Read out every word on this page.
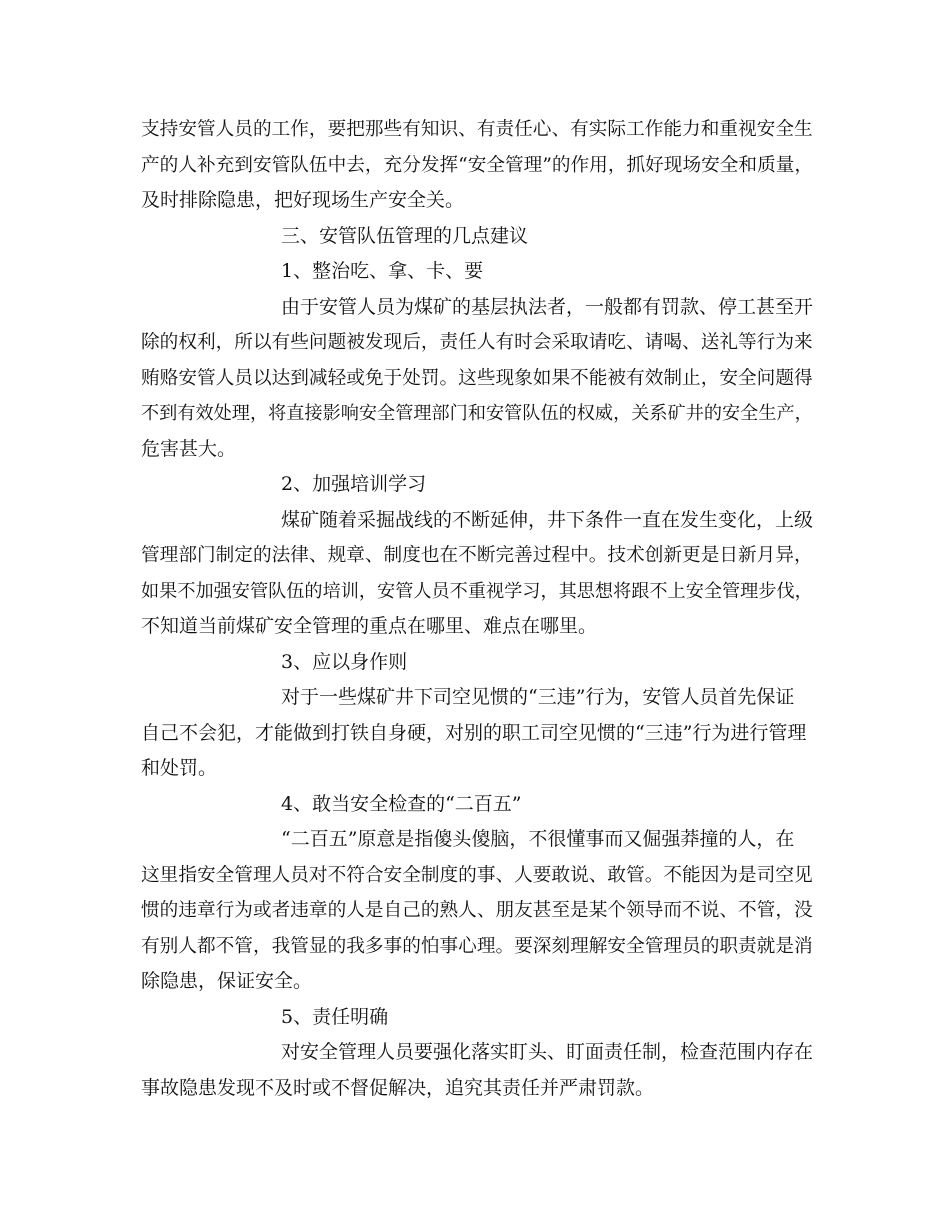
支持安管人员的工作，要把那些有知识、有责任心、有实际工作能力和重视安全生
产的人补充到安管队伍中去，充分发挥“安全管理”的作用，抓好现场安全和质量，
及时排除隐患，把好现场生产安全关。
三、安管队伍管理的几点建议
1、整治吃、拿、卡、要
由于安管人员为煤矿的基层执法者，一般都有罚款、停工甚至开
除的权利，所以有些问题被发现后，责任人有时会采取请吃、请喝、送礼等行为来
贿赂安管人员以达到减轻或免于处罚。这些现象如果不能被有效制止，安全问题得
不到有效处理，将直接影响安全管理部门和安管队伍的权威，关系矿井的安全生产，
危害甚大。
2、加强培训学习
煤矿随着采掘战线的不断延伸，井下条件一直在发生变化，上级
管理部门制定的法律、规章、制度也在不断完善过程中。技术创新更是日新月异，
如果不加强安管队伍的培训，安管人员不重视学习，其思想将跟不上安全管理步伐，
不知道当前煤矿安全管理的重点在哪里、难点在哪里。
3、应以身作则
对于一些煤矿井下司空见惯的“三违”行为，安管人员首先保证
自己不会犯，才能做到打铁自身硬，对别的职工司空见惯的“三违”行为进行管理
和处罚。
4、敢当安全检查的“二百五”
“二百五”原意是指傻头傻脑，不很懂事而又倔强莽撞的人，在
这里指安全管理人员对不符合安全制度的事、人要敢说、敢管。不能因为是司空见
惯的违章行为或者违章的人是自己的熟人、朋友甚至是某个领导而不说、不管，没
有别人都不管，我管显的我多事的怕事心理。要深刻理解安全管理员的职责就是消
除隐患，保证安全。
5、责任明确
对安全管理人员要强化落实盯头、盯面责任制，检查范围内存在
事故隐患发现不及时或不督促解决，追究其责任并严肃罚款。
